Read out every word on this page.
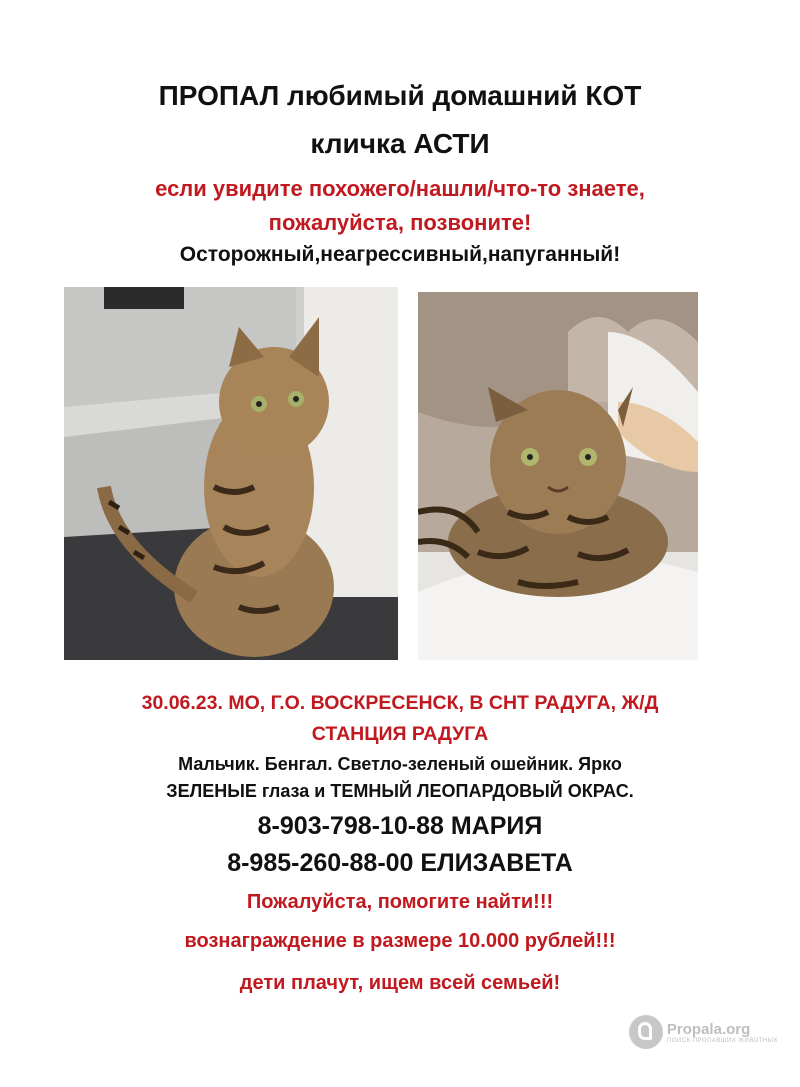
ПРОПАЛ любимый домашний КОТ
кличка АСТИ
если увидите похожего/нашли/что-то знаете,
пожалуйста, позвоните!
Осторожный,неагрессивный,напуганный!
30.06.23. МО, Г.О. ВОСКРЕСЕНСК, В СНТ РАДУГА, Ж/Д
СТАНЦИЯ РАДУГА
Мальчик. Бенгал. Светло-зеленый ошейник. Ярко
ЗЕЛЕНЫЕ глаза и ТЕМНЫЙ ЛЕОПАРДОВЫЙ ОКРАС.
8-903-798-10-88 МАРИЯ
8-985-260-88-00 ЕЛИЗАВЕТА
Пожалуйста, помогите найти!!!
вознаграждение в размере 10.000 рублей!!!
дети плачут, ищем всей семьей!
Propala.org
ПОИСК ПРОПАВШИХ ЖИВОТНЫХ
